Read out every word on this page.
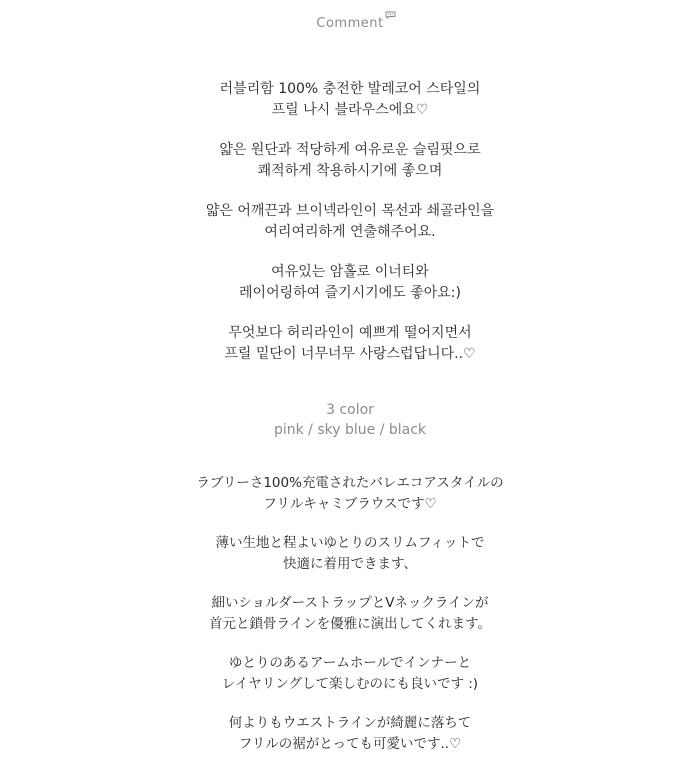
Comment

러블리함 100% 충전한 발레코어 스타일의
프릴 나시 블라우스에요♡

얇은 원단과 적당하게 여유로운 슬림핏으로
쾌적하게 착용하시기에 좋으며

얇은 어깨끈과 브이넥라인이 목선과 쇄골라인을
여리여리하게 연출해주어요.

여유있는 암홀로 이너티와
레이어링하여 즐기시기에도 좋아요:)

무엇보다 허리라인이 예쁘게 떨어지면서
프릴 밑단이 너무너무 사랑스럽답니다..♡

3 color
pink / sky blue / black

ラブリーさ100%充電されたバレエコアスタイルの
フリルキャミブラウスです♡

薄い生地と程よいゆとりのスリムフィットで
快適に着用できます、

細いショルダーストラップとVネックラインが
首元と鎖骨ラインを優雅に演出してくれます。

ゆとりのあるアームホールでインナーと
レイヤリングして楽しむのにも良いです :)

何よりもウエストラインが綺麗に落ちて
フリルの裾がとっても可愛いです..♡
